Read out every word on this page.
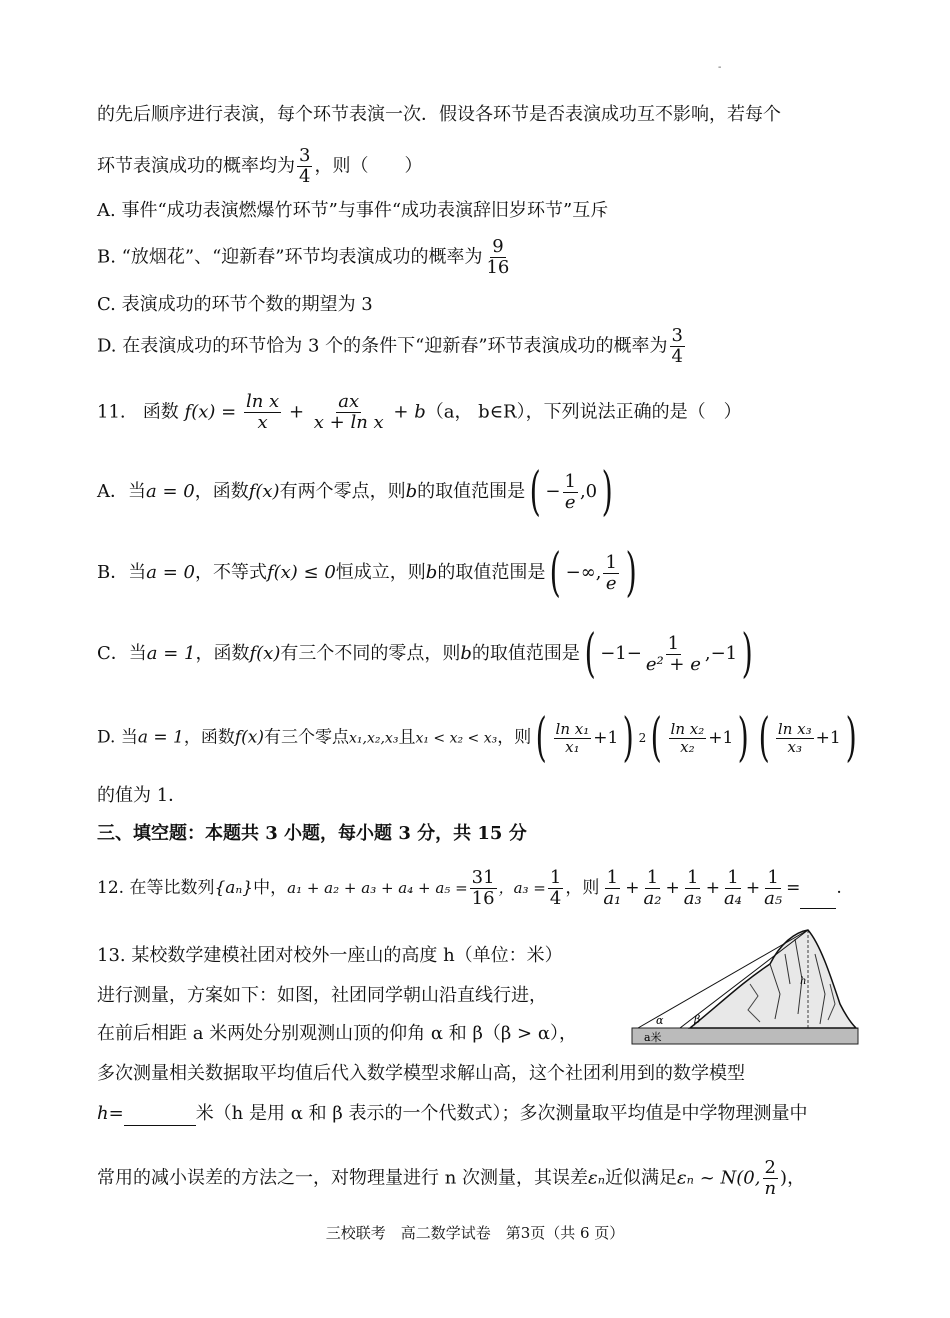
-
的先后顺序进行表演，每个环节表演一次．假设各环节是否表演成功互不影响，若每个
环节表演成功的概率均为 $\frac{3}{4}$ ，则（　　）
A. 事件“成功表演燃爆竹环节”与事件“成功表演辞旧岁环节”互斥
B. “放烟花”、“迎新春”环节均表演成功的概率为 $\frac{9}{16}$
C. 表演成功的环节个数的期望为 3
D. 在表演成功的环节恰为 3 个的条件下“迎新春”环节表演成功的概率为 $\frac{3}{4}$
11. 函数 $f(x) = \frac{\text{ln x}}{x} + \frac{ax}{\text{x + ln x}} + b(a$， b∈R），下列说法正确的是（　）
A．当a = 0，函数f(x)有两个零点，则b的取值范围是 ( − $\frac{1}{e} ,0$ )
B．当a = 0，不等式f(x) ≤ 0恒成立，则b的取值范围是 ( −∞, $\frac{1}{e}$ )
C．当a = 1，函数f(x)有三个不同的零点，则b的取值范围是 ( $-1- \frac{1}{\text{e² + e}} ,-1$ )
D. 当a = 1，函数f(x)有三个零点x₁,x₂,x₃且x₁ < x₂ < x₃，则 ( $\frac{\text{ln x₁}}{\text{x₁}} +1$ ) 2 ( $\frac{\text{ln x₂}}{\text{x₂}} +1$ ) ( $\frac{\text{ln x₃}}{\text{x₃}} +1$ )
的值为 1．
三、填空题：本题共 3 小题，每小题 3 分，共 15 分
12. 在等比数列{aₙ}中，$a_1 + a_2 + a_3 + a_4 + a_5 = \frac{31}{16}$ ，$a_3 = \frac{1}{4}$ ，则 $\frac{1}{\text{a₁}} + \frac{1}{\text{a₂}} + \frac{1}{\text{a₃}} + \frac{1}{\text{a₄}} + \frac{1}{\text{a₅}}$ = .
13. 某校数学建模社团对校外一座山的高度 h（单位：米）
进行测量，方案如下：如图，社团同学朝山沿直线行进，
在前后相距 a 米两处分别观测山顶的仰角 α 和 β（β > α），
多次测量相关数据取平均值后代入数学模型求解山高，这个社团利用到的数学模型
h=	米（h 是用 α 和 β 表示的一个代数式）；多次测量取平均值是中学物理测量中
常用的减小误差的方法之一，对物理量进行 n 次测量，其误差εₙ近似满足εₙ ~ N(0, $\frac{2}{n}$ )，
α	β
h
a米
三校联考　高二数学试卷　第3页（共 6 页）
